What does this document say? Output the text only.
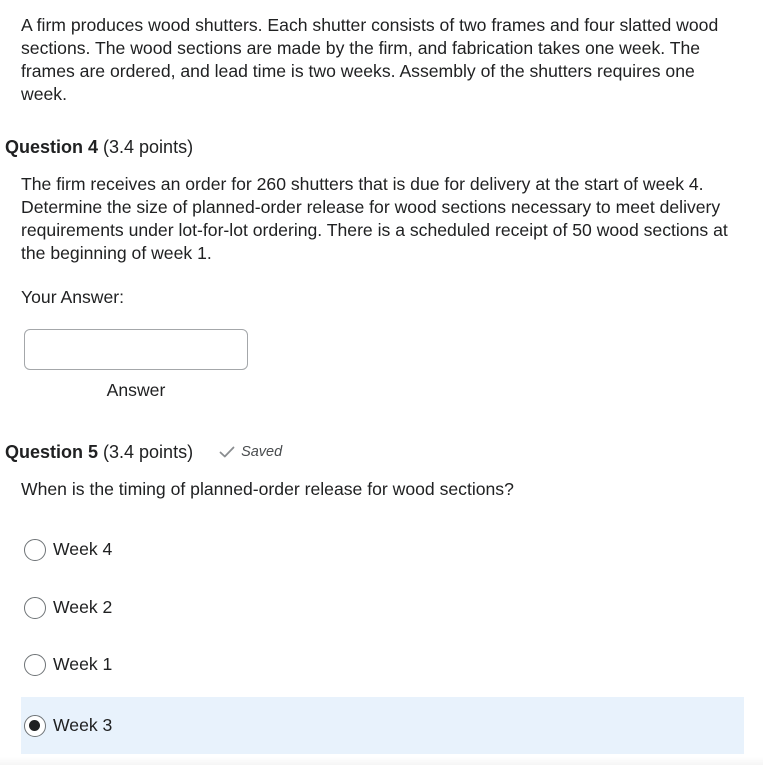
A firm produces wood shutters. Each shutter consists of two frames and four slatted wood sections. The wood sections are made by the firm, and fabrication takes one week. The frames are ordered, and lead time is two weeks. Assembly of the shutters requires one week.

Question 4 (3.4 points)

The firm receives an order for 260 shutters that is due for delivery at the start of week 4. Determine the size of planned-order release for wood sections necessary to meet delivery requirements under lot-for-lot ordering. There is a scheduled receipt of 50 wood sections at the beginning of week 1.

Your Answer:
Answer
Question 5 (3.4 points)	Saved
When is the timing of planned-order release for wood sections?
Week 4
Week 2
Week 1
Week 3
